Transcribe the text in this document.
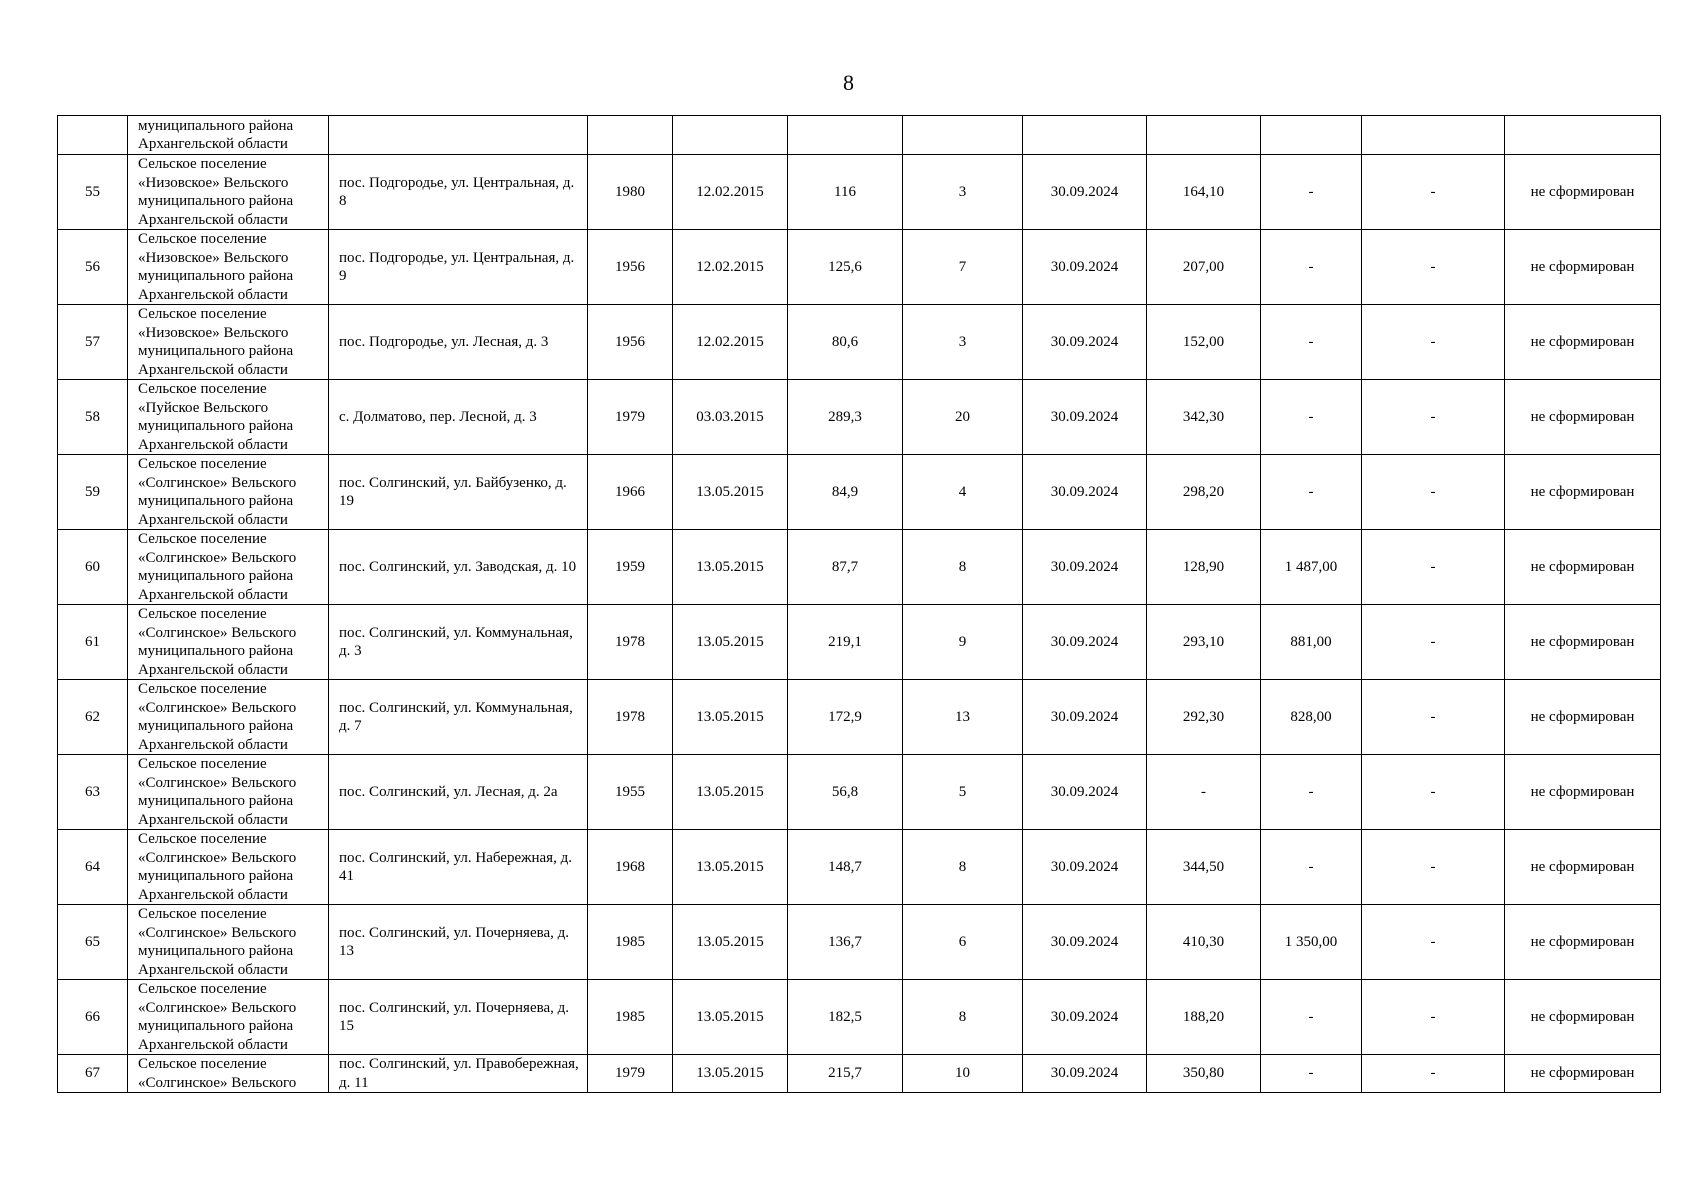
8
	муниципального района Архангельской области										
55	Сельское поселение «Низовское» Вельского муниципального района Архангельской области	пос. Подгородье, ул. Центральная, д. 8	1980	12.02.2015	116	3	30.09.2024	164,10	-	-	не сформирован
56	Сельское поселение «Низовское» Вельского муниципального района Архангельской области	пос. Подгородье, ул. Центральная, д. 9	1956	12.02.2015	125,6	7	30.09.2024	207,00	-	-	не сформирован
57	Сельское поселение «Низовское» Вельского муниципального района Архангельской области	пос. Подгородье, ул. Лесная, д. 3	1956	12.02.2015	80,6	3	30.09.2024	152,00	-	-	не сформирован
58	Сельское поселение «Пуйское Вельского муниципального района Архангельской области	с. Долматово, пер. Лесной, д. 3	1979	03.03.2015	289,3	20	30.09.2024	342,30	-	-	не сформирован
59	Сельское поселение «Солгинское» Вельского муниципального района Архангельской области	пос. Солгинский, ул. Байбузенко, д. 19	1966	13.05.2015	84,9	4	30.09.2024	298,20	-	-	не сформирован
60	Сельское поселение «Солгинское» Вельского муниципального района Архангельской области	пос. Солгинский, ул. Заводская, д. 10	1959	13.05.2015	87,7	8	30.09.2024	128,90	1 487,00	-	не сформирован
61	Сельское поселение «Солгинское» Вельского муниципального района Архангельской области	пос. Солгинский, ул. Коммунальная, д. 3	1978	13.05.2015	219,1	9	30.09.2024	293,10	881,00	-	не сформирован
62	Сельское поселение «Солгинское» Вельского муниципального района Архангельской области	пос. Солгинский, ул. Коммунальная, д. 7	1978	13.05.2015	172,9	13	30.09.2024	292,30	828,00	-	не сформирован
63	Сельское поселение «Солгинское» Вельского муниципального района Архангельской области	пос. Солгинский, ул. Лесная, д. 2а	1955	13.05.2015	56,8	5	30.09.2024	-	-	-	не сформирован
64	Сельское поселение «Солгинское» Вельского муниципального района Архангельской области	пос. Солгинский, ул. Набережная, д. 41	1968	13.05.2015	148,7	8	30.09.2024	344,50	-	-	не сформирован
65	Сельское поселение «Солгинское» Вельского муниципального района Архангельской области	пос. Солгинский, ул. Почерняева, д. 13	1985	13.05.2015	136,7	6	30.09.2024	410,30	1 350,00	-	не сформирован
66	Сельское поселение «Солгинское» Вельского муниципального района Архангельской области	пос. Солгинский, ул. Почерняева, д. 15	1985	13.05.2015	182,5	8	30.09.2024	188,20	-	-	не сформирован
67	Сельское поселение «Солгинское» Вельского	пос. Солгинский, ул. Правобережная, д. 11	1979	13.05.2015	215,7	10	30.09.2024	350,80	-	-	не сформирован
